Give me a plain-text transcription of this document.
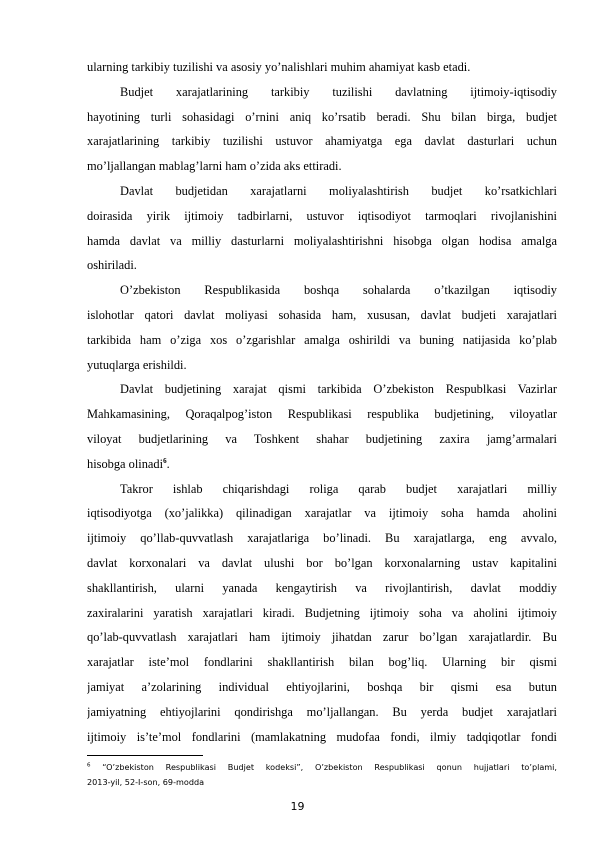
ularning tarkibiy tuzilishi va asosiy yo’nalishlari muhim ahamiyat kasb etadi.
Budjet xarajatlarining tarkibiy tuzilishi davlatning ijtimoiy-iqtisodiy
hayotining turli sohasidagi o’rnini aniq ko’rsatib beradi. Shu bilan birga, budjet
xarajatlarining tarkibiy tuzilishi ustuvor ahamiyatga ega davlat dasturlari uchun
mo’ljallangan mablag’larni ham o’zida aks ettiradi.
Davlat budjetidan xarajatlarni moliyalashtirish budjet ko’rsatkichlari
doirasida yirik ijtimoiy tadbirlarni, ustuvor iqtisodiyot tarmoqlari rivojlanishini
hamda davlat va milliy dasturlarni moliyalashtirishni hisobga olgan hodisa amalga
oshiriladi.
O’zbekiston Respublikasida boshqa sohalarda o’tkazilgan iqtisodiy
islohotlar qatori davlat moliyasi sohasida ham, xususan, davlat budjeti xarajatlari
tarkibida ham o’ziga xos o’zgarishlar amalga oshirildi va buning natijasida ko’plab
yutuqlarga erishildi.
Davlat budjetining xarajat qismi tarkibida O’zbekiston Respublkasi Vazirlar
Mahkamasining, Qoraqalpog’iston Respublikasi respublika budjetining, viloyatlar
viloyat budjetlarining va Toshkent shahar budjetining zaxira jamg’armalari
hisobga olinadi$^6$.
Takror ishlab chiqarishdagi roliga qarab budjet xarajatlari milliy
iqtisodiyotga (xo’jalikka) qilinadigan xarajatlar va ijtimoiy soha hamda aholini
ijtimoiy qo’llab-quvvatlash xarajatlariga bo’linadi. Bu xarajatlarga, eng avvalo,
davlat korxonalari va davlat ulushi bor bo’lgan korxonalarning ustav kapitalini
shakllantirish, ularni yanada kengaytirish va rivojlantirish, davlat moddiy
zaxiralarini yaratish xarajatlari kiradi. Budjetning ijtimoiy soha va aholini ijtimoiy
qo’lab-quvvatlash xarajatlari ham ijtimoiy jihatdan zarur bo’lgan xarajatlardir. Bu
xarajatlar iste’mol fondlarini shakllantirish bilan bog’liq. Ularning bir qismi
jamiyat a’zolarining individual ehtiyojlarini, boshqa bir qismi esa butun
jamiyatning ehtiyojlarini qondirishga mo’ljallangan. Bu yerda budjet xarajatlari
ijtimoiy is’te’mol fondlarini (mamlakatning mudofaa fondi, ilmiy tadqiqotlar fondi
$^6$ “O’zbekiston Respublikasi Budjet kodeksi”, O’zbekiston Respublikasi qonun hujjatlari to’plami,
2013-yil, 52-I-son, 69-modda
19
